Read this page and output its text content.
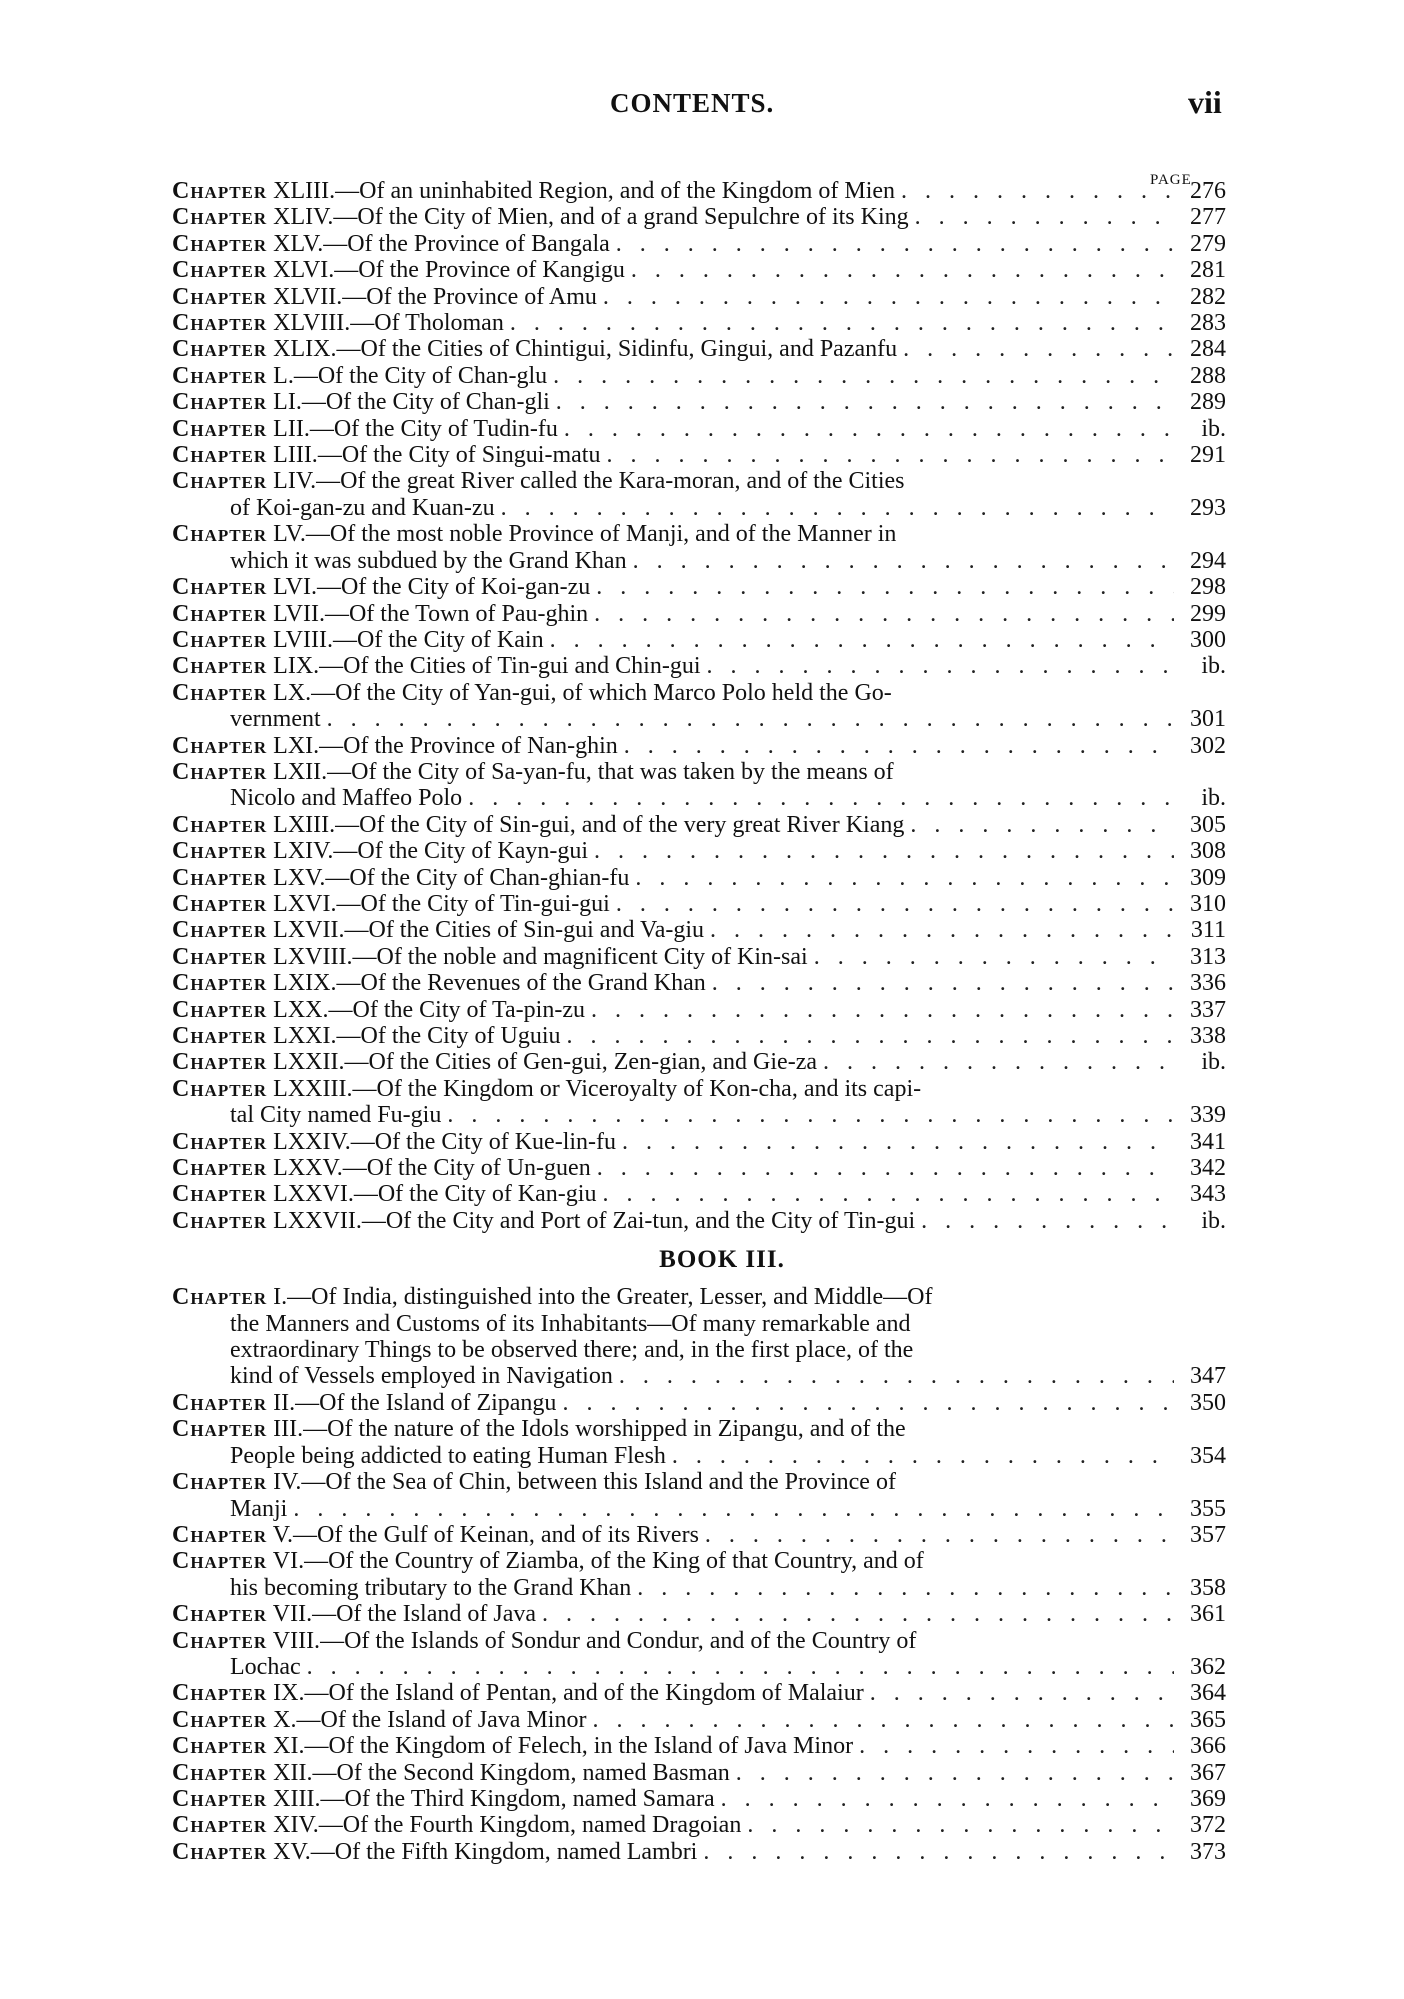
CONTENTS.	vii
PAGE
Chapter XLIII.—Of an uninhabited Region, and of the Kingdom of Mien . . .	276
Chapter XLIV.—Of the City of Mien, and of a grand Sepulchre of its King . . .	277
Chapter XLV.—Of the Province of Bangala . . .	279
Chapter XLVI.—Of the Province of Kangigu . . .	281
Chapter XLVII.—Of the Province of Amu . . .	282
Chapter XLVIII.—Of Tholoman . . .	283
Chapter XLIX.—Of the Cities of Chintigui, Sidinfu, Gingui, and Pazanfu . . .	284
Chapter L.—Of the City of Chan-glu . . .	288
Chapter LI.—Of the City of Chan-gli . . .	289
Chapter LII.—Of the City of Tudin-fu . . .	ib.
Chapter LIII.—Of the City of Singui-matu . . .	291
Chapter LIV.—Of the great River called the Kara-moran, and of the Cities
of Koi-gan-zu and Kuan-zu . . .	293
Chapter LV.—Of the most noble Province of Manji, and of the Manner in
which it was subdued by the Grand Khan . . .	294
Chapter LVI.—Of the City of Koi-gan-zu . . .	298
Chapter LVII.—Of the Town of Pau-ghin . . .	299
Chapter LVIII.—Of the City of Kain . . .	300
Chapter LIX.—Of the Cities of Tin-gui and Chin-gui . . .	ib.
Chapter LX.—Of the City of Yan-gui, of which Marco Polo held the Go-
vernment . . .	301
Chapter LXI.—Of the Province of Nan-ghin . . .	302
Chapter LXII.—Of the City of Sa-yan-fu, that was taken by the means of
Nicolo and Maffeo Polo . . .	ib.
Chapter LXIII.—Of the City of Sin-gui, and of the very great River Kiang . . .	305
Chapter LXIV.—Of the City of Kayn-gui . . .	308
Chapter LXV.—Of the City of Chan-ghian-fu . . .	309
Chapter LXVI.—Of the City of Tin-gui-gui . . .	310
Chapter LXVII.—Of the Cities of Sin-gui and Va-giu . . .	311
Chapter LXVIII.—Of the noble and magnificent City of Kin-sai . . .	313
Chapter LXIX.—Of the Revenues of the Grand Khan . . .	336
Chapter LXX.—Of the City of Ta-pin-zu . . .	337
Chapter LXXI.—Of the City of Uguiu . . .	338
Chapter LXXII.—Of the Cities of Gen-gui, Zen-gian, and Gie-za . . .	ib.
Chapter LXXIII.—Of the Kingdom or Viceroyalty of Kon-cha, and its capi-
tal City named Fu-giu . . .	339
Chapter LXXIV.—Of the City of Kue-lin-fu . . .	341
Chapter LXXV.—Of the City of Un-guen . . .	342
Chapter LXXVI.—Of the City of Kan-giu . . .	343
Chapter LXXVII.—Of the City and Port of Zai-tun, and the City of Tin-gui . . .	ib.
BOOK III.
Chapter I.—Of India, distinguished into the Greater, Lesser, and Middle—Of
the Manners and Customs of its Inhabitants—Of many remarkable and
extraordinary Things to be observed there; and, in the first place, of the
kind of Vessels employed in Navigation . . .	347
Chapter II.—Of the Island of Zipangu . . .	350
Chapter III.—Of the nature of the Idols worshipped in Zipangu, and of the
People being addicted to eating Human Flesh . . .	354
Chapter IV.—Of the Sea of Chin, between this Island and the Province of
Manji . . .	355
Chapter V.—Of the Gulf of Keinan, and of its Rivers . . .	357
Chapter VI.—Of the Country of Ziamba, of the King of that Country, and of
his becoming tributary to the Grand Khan . . .	358
Chapter VII.—Of the Island of Java . . .	361
Chapter VIII.—Of the Islands of Sondur and Condur, and of the Country of
Lochac . . .	362
Chapter IX.—Of the Island of Pentan, and of the Kingdom of Malaiur . . .	364
Chapter X.—Of the Island of Java Minor . . .	365
Chapter XI.—Of the Kingdom of Felech, in the Island of Java Minor . . .	366
Chapter XII.—Of the Second Kingdom, named Basman . . .	367
Chapter XIII.—Of the Third Kingdom, named Samara . . .	369
Chapter XIV.—Of the Fourth Kingdom, named Dragoian . . .	372
Chapter XV.—Of the Fifth Kingdom, named Lambri . . .	373
